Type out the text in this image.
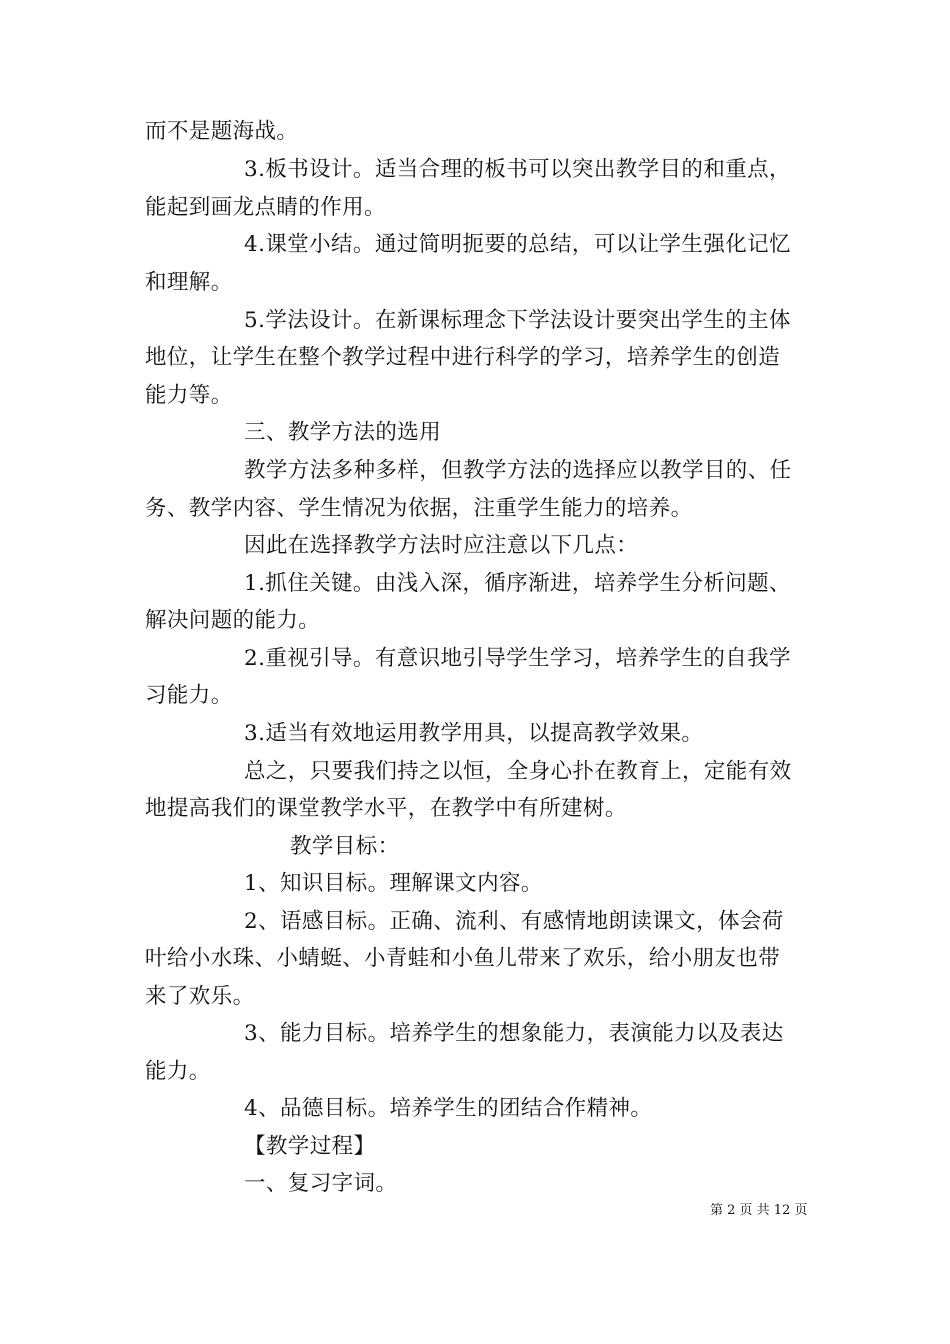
而不是题海战。
3.板书设计。适当合理的板书可以突出教学目的和重点，
能起到画龙点睛的作用。
4.课堂小结。通过简明扼要的总结，可以让学生强化记忆
和理解。
5.学法设计。在新课标理念下学法设计要突出学生的主体
地位，让学生在整个教学过程中进行科学的学习，培养学生的创造
能力等。
三、教学方法的选用
教学方法多种多样，但教学方法的选择应以教学目的、任
务、教学内容、学生情况为依据，注重学生能力的培养。
因此在选择教学方法时应注意以下几点：
1.抓住关键。由浅入深，循序渐进，培养学生分析问题、
解决问题的能力。
2.重视引导。有意识地引导学生学习，培养学生的自我学
习能力。
3.适当有效地运用教学用具，以提高教学效果。
总之，只要我们持之以恒，全身心扑在教育上，定能有效
地提高我们的课堂教学水平，在教学中有所建树。
教学目标：
1、知识目标。理解课文内容。
2、语感目标。正确、流利、有感情地朗读课文，体会荷
叶给小水珠、小蜻蜓、小青蛙和小鱼儿带来了欢乐，给小朋友也带
来了欢乐。
3、能力目标。培养学生的想象能力，表演能力以及表达
能力。
4、品德目标。培养学生的团结合作精神。
【教学过程】
一、复习字词。
第 2 页 共 12 页
